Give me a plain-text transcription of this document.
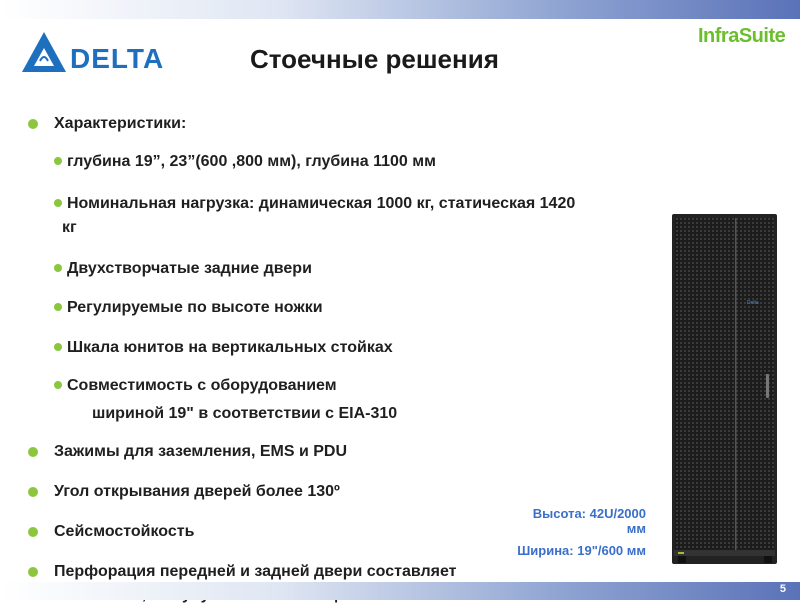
DELTA
InfraSuite
Стоечные решения
Характеристики:
глубина 19”, 23”(600 ,800 мм), глубина 1100 мм
Номинальная нагрузка: динамическая 1000 кг, статическая 1420
кг
Двухстворчатые задние двери
Регулируемые по высоте ножки
Шкала юнитов на вертикальных стойках
Совместимость с оборудованием
шириной 19" в соответствии с EIA-310
Зажимы для заземления, EMS и PDU
Угол открывания дверей более 130º
Сейсмостойкость
Перфорация передней и задней двери составляет
5
Delta
Высота: 42U/2000
мм
Ширина: 19"/600 мм
